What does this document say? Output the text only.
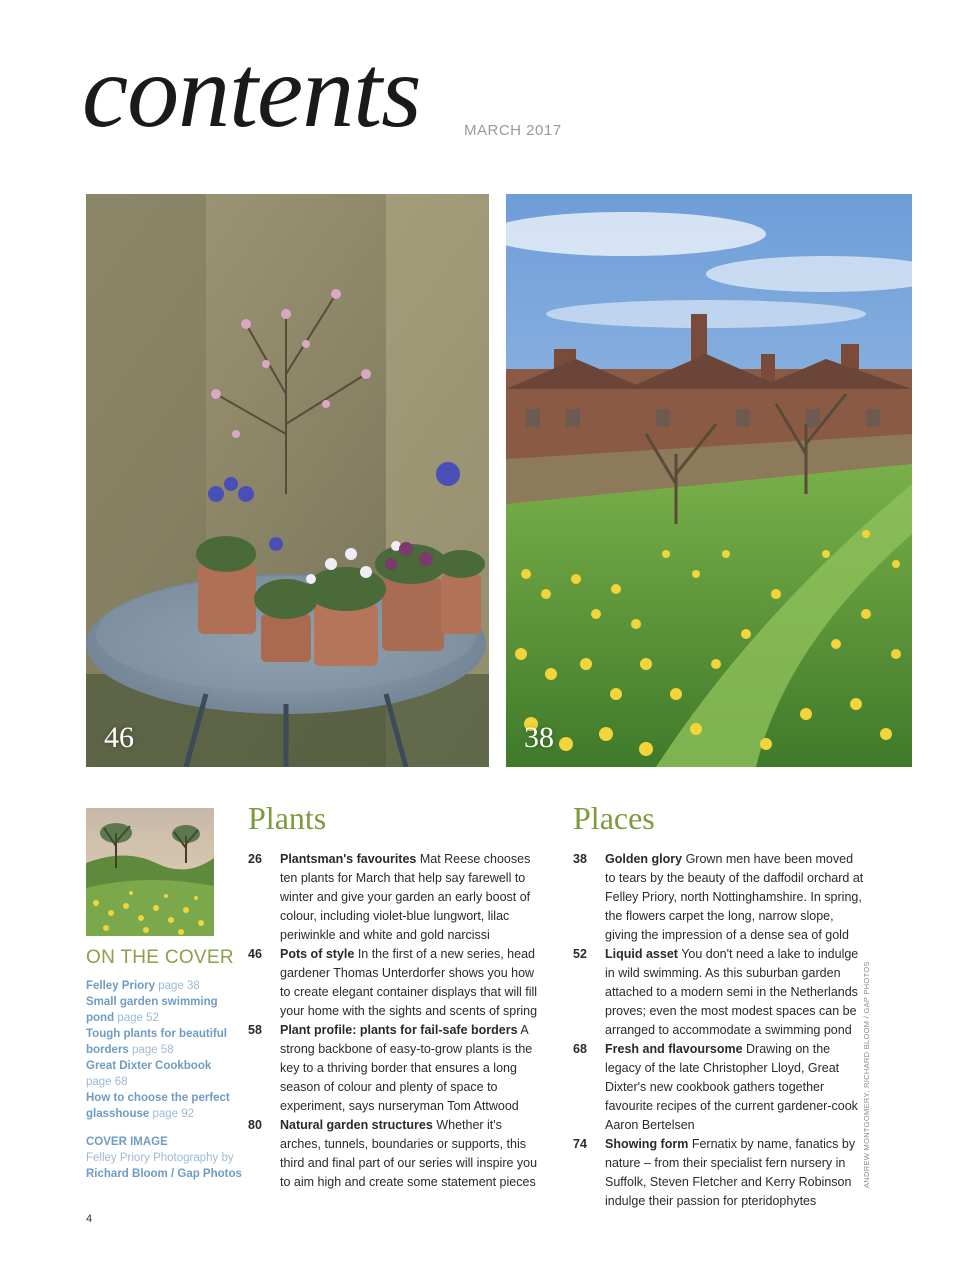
contents	MARCH 2017
46	38
ON THE COVER

Felley Priory page 38

Small garden swimming pond page 52

Tough plants for beautiful borders page 58

Great Dixter Cookbook page 68

How to choose the perfect glasshouse page 92

COVER IMAGE
Felley Priory Photography by
Richard Bloom / Gap Photos
Plants

26 Plantsman's favourites Mat Reese chooses ten plants for March that help say farewell to winter and give your garden an early boost of colour, including violet-blue lungwort, lilac periwinkle and white and gold narcissi

46 Pots of style In the first of a new series, head gardener Thomas Unterdorfer shows you how to create elegant container displays that will fill your home with the sights and scents of spring

58 Plant profile: plants for fail-safe borders A strong backbone of easy-to-grow plants is the key to a thriving border that ensures a long season of colour and plenty of space to experiment, says nurseryman Tom Attwood

80 Natural garden structures Whether it's arches, tunnels, boundaries or supports, this third and final part of our series will inspire you to aim high and create some statement pieces

Places

38 Golden glory Grown men have been moved to tears by the beauty of the daffodil orchard at Felley Priory, north Nottinghamshire. In spring, the flowers carpet the long, narrow slope, giving the impression of a dense sea of gold

52 Liquid asset You don't need a lake to indulge in wild swimming. As this suburban garden attached to a modern semi in the Netherlands proves; even the most modest spaces can be arranged to accommodate a swimming pond

68 Fresh and flavoursome Drawing on the legacy of the late Christopher Lloyd, Great Dixter's new cookbook gathers together favourite recipes of the current gardener-cook Aaron Bertelsen

74 Showing form Fernatix by name, fanatics by nature – from their specialist fern nursery in Suffolk, Steven Fletcher and Kerry Robinson indulge their passion for pteridophytes

ANDREW MONTGOMERY; RICHARD BLOOM / GAP PHOTOS
4
